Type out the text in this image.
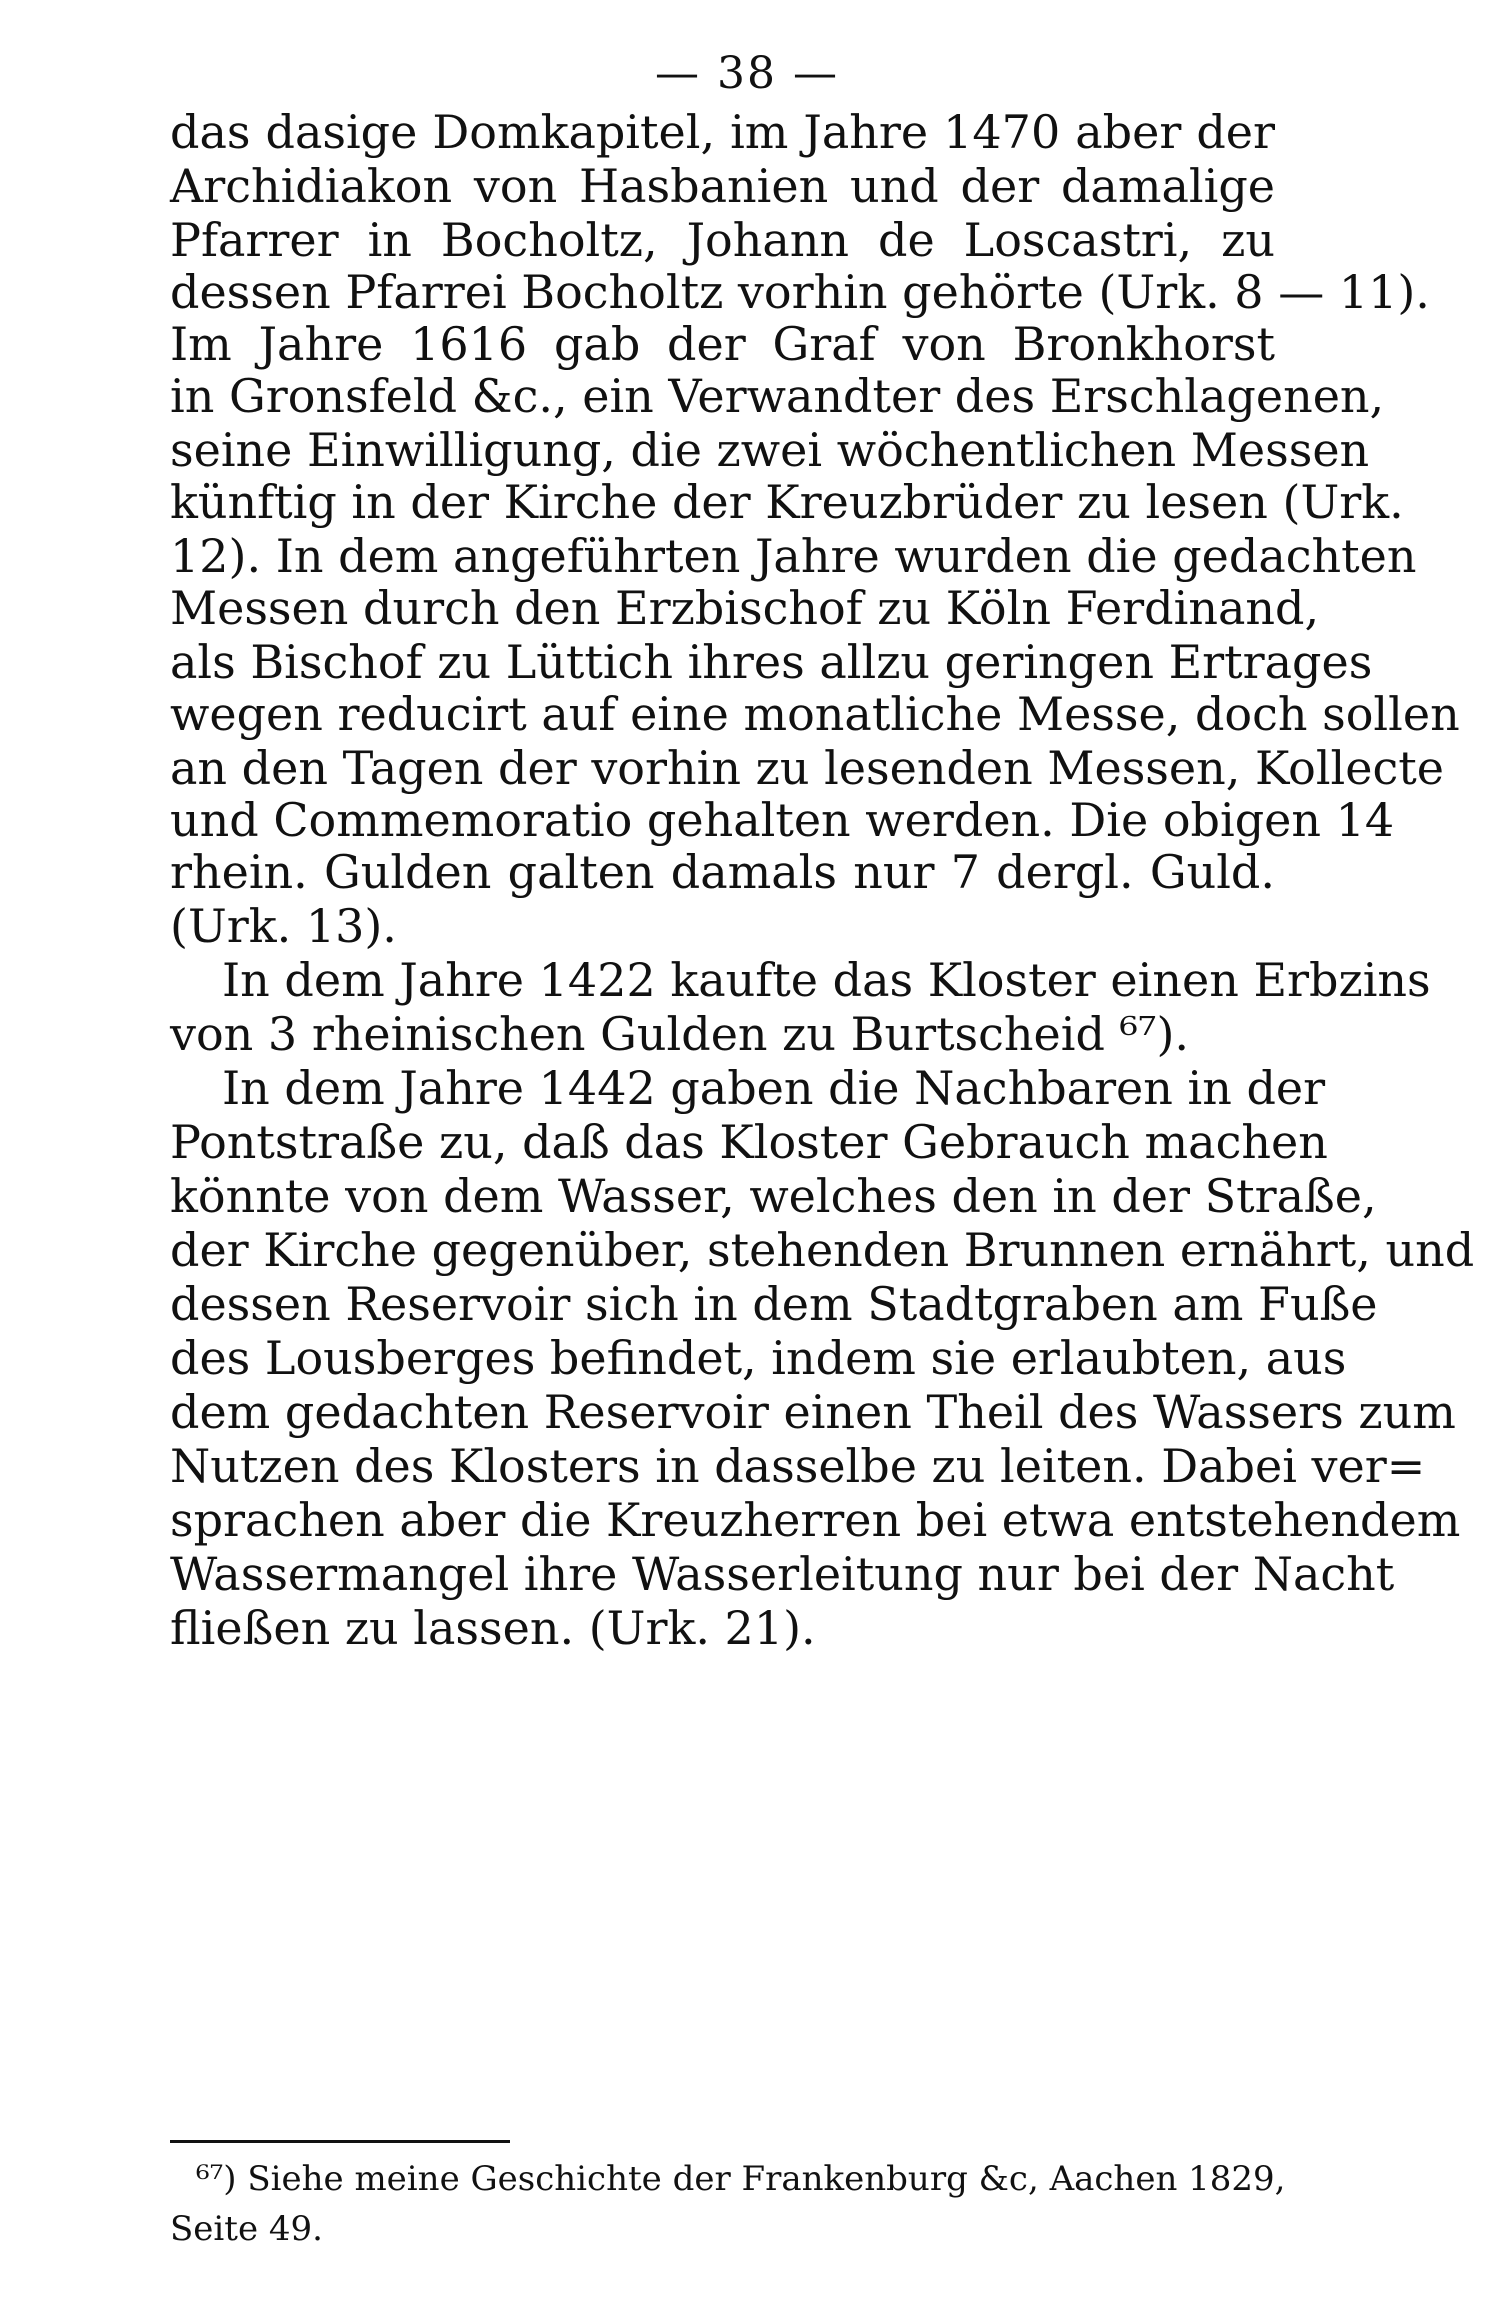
— 38 —
das dasige Domkapitel, im Jahre 1470 aber der
Archidiakon von Hasbanien und der damalige
Pfarrer in Bocholtz, Johann de Loscastri, zu
dessen Pfarrei Bocholtz vorhin gehörte (Urk. 8 — 11).
Im Jahre 1616 gab der Graf von Bronkhorst
in Gronsfeld &c., ein Verwandter des Erschlagenen,
seine Einwilligung, die zwei wöchentlichen Messen
künftig in der Kirche der Kreuzbrüder zu lesen (Urk.
12). In dem angeführten Jahre wurden die gedachten
Messen durch den Erzbischof zu Köln Ferdinand,
als Bischof zu Lüttich ihres allzu geringen Ertrages
wegen reducirt auf eine monatliche Messe, doch sollen
an den Tagen der vorhin zu lesenden Messen, Kollecte
und Commemoratio gehalten werden. Die obigen 14
rhein. Gulden galten damals nur 7 dergl. Guld.
(Urk. 13).
In dem Jahre 1422 kaufte das Kloster einen Erbzins
von 3 rheinischen Gulden zu Burtscheid ⁶⁷).
In dem Jahre 1442 gaben die Nachbaren in der
Pontstraße zu, daß das Kloster Gebrauch machen
könnte von dem Wasser, welches den in der Straße,
der Kirche gegenüber, stehenden Brunnen ernährt, und
dessen Reservoir sich in dem Stadtgraben am Fuße
des Lousberges befindet, indem sie erlaubten, aus
dem gedachten Reservoir einen Theil des Wassers zum
Nutzen des Klosters in dasselbe zu leiten. Dabei ver=
sprachen aber die Kreuzherren bei etwa entstehendem
Wassermangel ihre Wasserleitung nur bei der Nacht
fließen zu lassen. (Urk. 21).
⁶⁷) Siehe meine Geschichte der Frankenburg &c, Aachen 1829,
Seite 49.
